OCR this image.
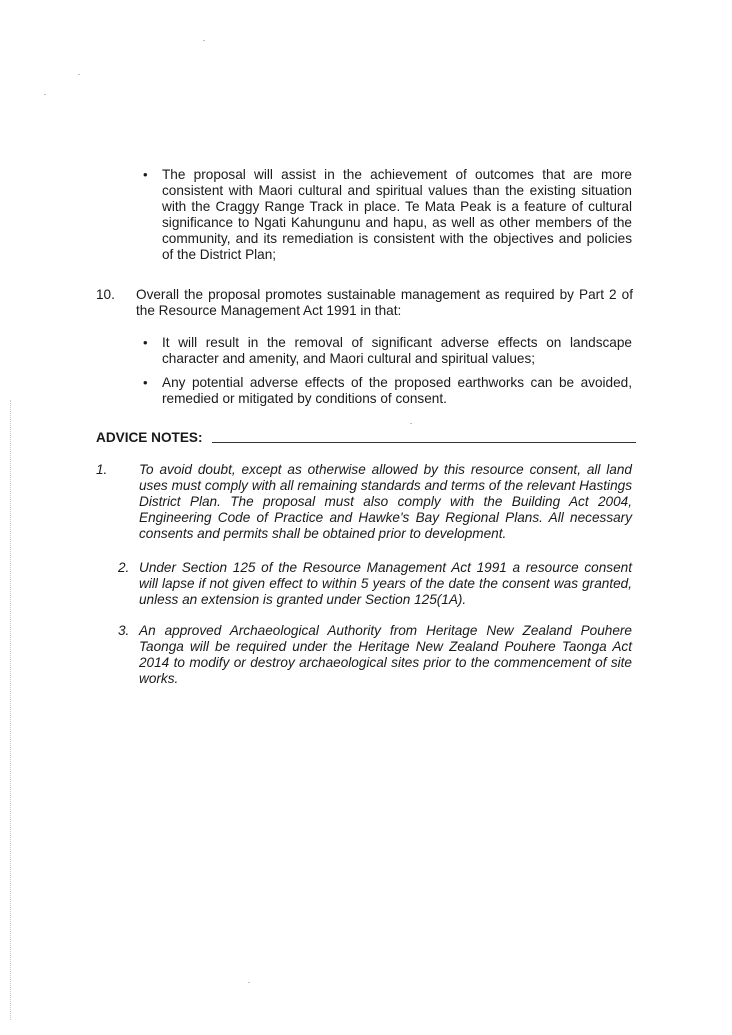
•	The proposal will assist in the achievement of outcomes that are more consistent with Maori cultural and spiritual values than the existing situation with the Craggy Range Track in place. Te Mata Peak is a feature of cultural significance to Ngati Kahungunu and hapu, as well as other members of the community, and its remediation is consistent with the objectives and policies of the District Plan;
10. Overall the proposal promotes sustainable management as required by Part 2 of the Resource Management Act 1991 in that:
•	It will result in the removal of significant adverse effects on landscape character and amenity, and Maori cultural and spiritual values;
•	Any potential adverse effects of the proposed earthworks can be avoided, remedied or mitigated by conditions of consent.
ADVICE NOTES:
1. To avoid doubt, except as otherwise allowed by this resource consent, all land uses must comply with all remaining standards and terms of the relevant Hastings District Plan. The proposal must also comply with the Building Act 2004, Engineering Code of Practice and Hawke's Bay Regional Plans. All necessary consents and permits shall be obtained prior to development.
2. Under Section 125 of the Resource Management Act 1991 a resource consent will lapse if not given effect to within 5 years of the date the consent was granted, unless an extension is granted under Section 125(1A).
3. An approved Archaeological Authority from Heritage New Zealand Pouhere Taonga will be required under the Heritage New Zealand Pouhere Taonga Act 2014 to modify or destroy archaeological sites prior to the commencement of site works.
